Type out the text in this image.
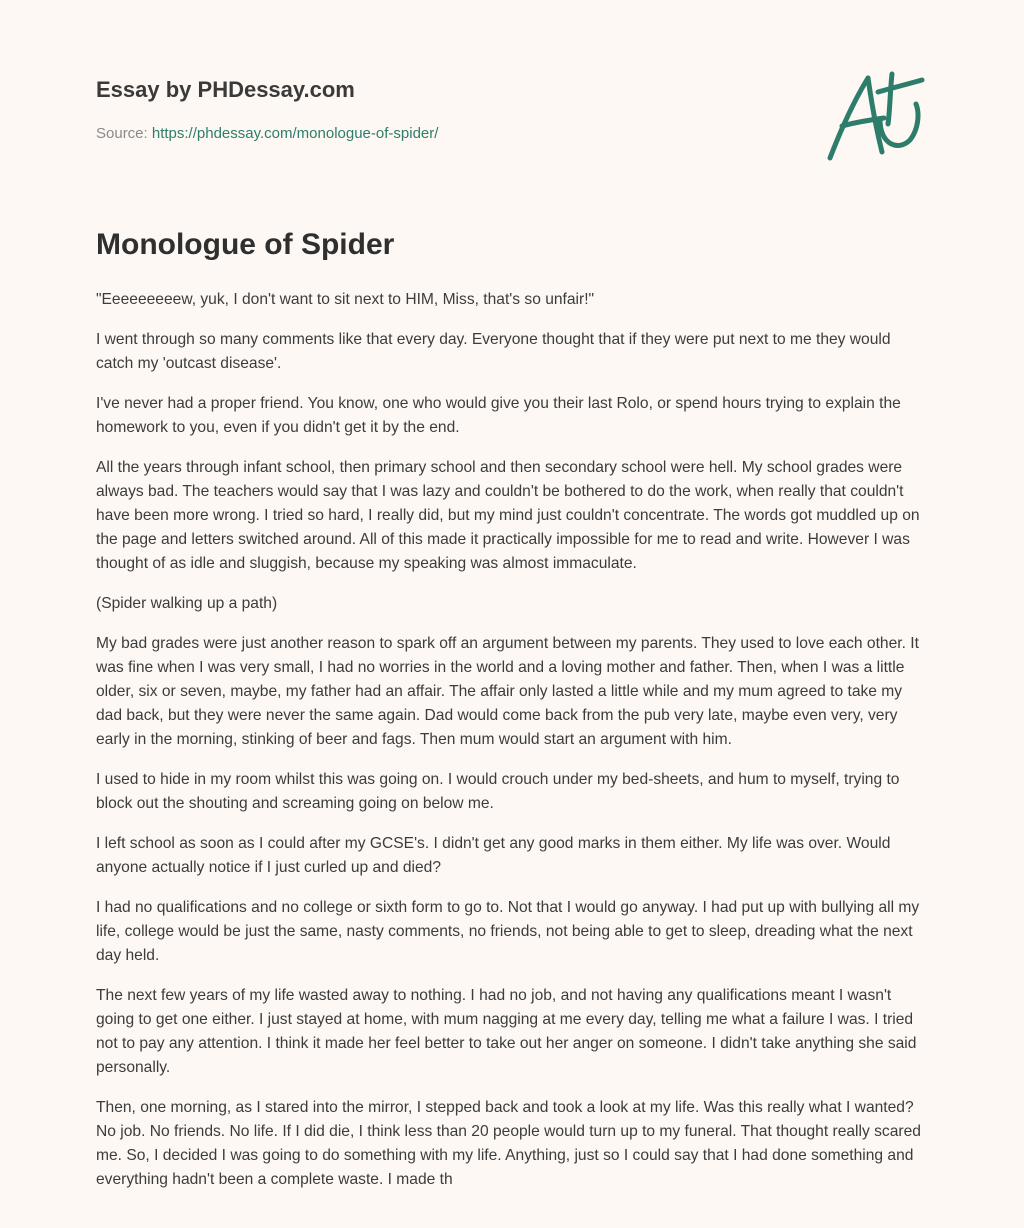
Essay by PHDessay.com
Source: https://phdessay.com/monologue-of-spider/
Monologue of Spider

"Eeeeeeeeew, yuk, I don't want to sit next to HIM, Miss, that's so unfair!"

I went through so many comments like that every day. Everyone thought that if they were put next to me they would catch my 'outcast disease'.

I've never had a proper friend. You know, one who would give you their last Rolo, or spend hours trying to explain the homework to you, even if you didn't get it by the end.

All the years through infant school, then primary school and then secondary school were hell. My school grades were always bad. The teachers would say that I was lazy and couldn't be bothered to do the work, when really that couldn't have been more wrong. I tried so hard, I really did, but my mind just couldn't concentrate. The words got muddled up on the page and letters switched around. All of this made it practically impossible for me to read and write. However I was thought of as idle and sluggish, because my speaking was almost immaculate.

(Spider walking up a path)

My bad grades were just another reason to spark off an argument between my parents. They used to love each other. It was fine when I was very small, I had no worries in the world and a loving mother and father. Then, when I was a little older, six or seven, maybe, my father had an affair. The affair only lasted a little while and my mum agreed to take my dad back, but they were never the same again. Dad would come back from the pub very late, maybe even very, very early in the morning, stinking of beer and fags. Then mum would start an argument with him.

I used to hide in my room whilst this was going on. I would crouch under my bed-sheets, and hum to myself, trying to block out the shouting and screaming going on below me.

I left school as soon as I could after my GCSE's. I didn't get any good marks in them either. My life was over. Would anyone actually notice if I just curled up and died?

I had no qualifications and no college or sixth form to go to. Not that I would go anyway. I had put up with bullying all my life, college would be just the same, nasty comments, no friends, not being able to get to sleep, dreading what the next day held.

The next few years of my life wasted away to nothing. I had no job, and not having any qualifications meant I wasn't going to get one either. I just stayed at home, with mum nagging at me every day, telling me what a failure I was. I tried not to pay any attention. I think it made her feel better to take out her anger on someone. I didn't take anything she said personally.

Then, one morning, as I stared into the mirror, I stepped back and took a look at my life. Was this really what I wanted? No job. No friends. No life. If I did die, I think less than 20 people would turn up to my funeral. That thought really scared me. So, I decided I was going to do something with my life. Anything, just so I could say that I had done something and everything hadn't been a complete waste. I made th
